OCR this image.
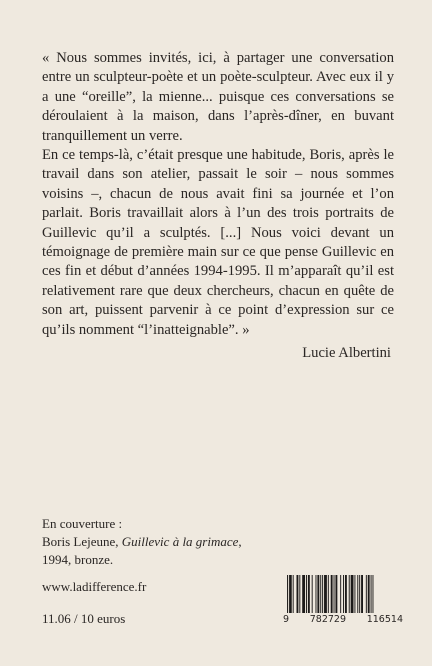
« Nous sommes invités, ici, à partager une conversation entre un sculpteur-poète et un poète-sculpteur. Avec eux il y a une “oreille”, la mienne... puisque ces conversations se déroulaient à la maison, dans l’après-dîner, en buvant tranquillement un verre.

En ce temps-là, c’était presque une habitude, Boris, après le travail dans son atelier, passait le soir – nous sommes voisins –, chacun de nous avait fini sa journée et l’on parlait. Boris travaillait alors à l’un des trois portraits de Guillevic qu’il a sculptés. [...] Nous voici devant un témoignage de première main sur ce que pense Guillevic en ces fin et début d’années 1994-1995. Il m’apparaît qu’il est relativement rare que deux chercheurs, chacun en quête de son art, puissent parvenir à ce point d’expression sur ce qu’ils nomment “l’inatteignable”. »

Lucie Albertini
En couverture :
Boris Lejeune, Guillevic à la grimace,
1994, bronze.
www.ladifference.fr
11.06 / 10 euros	9 782729 116514
